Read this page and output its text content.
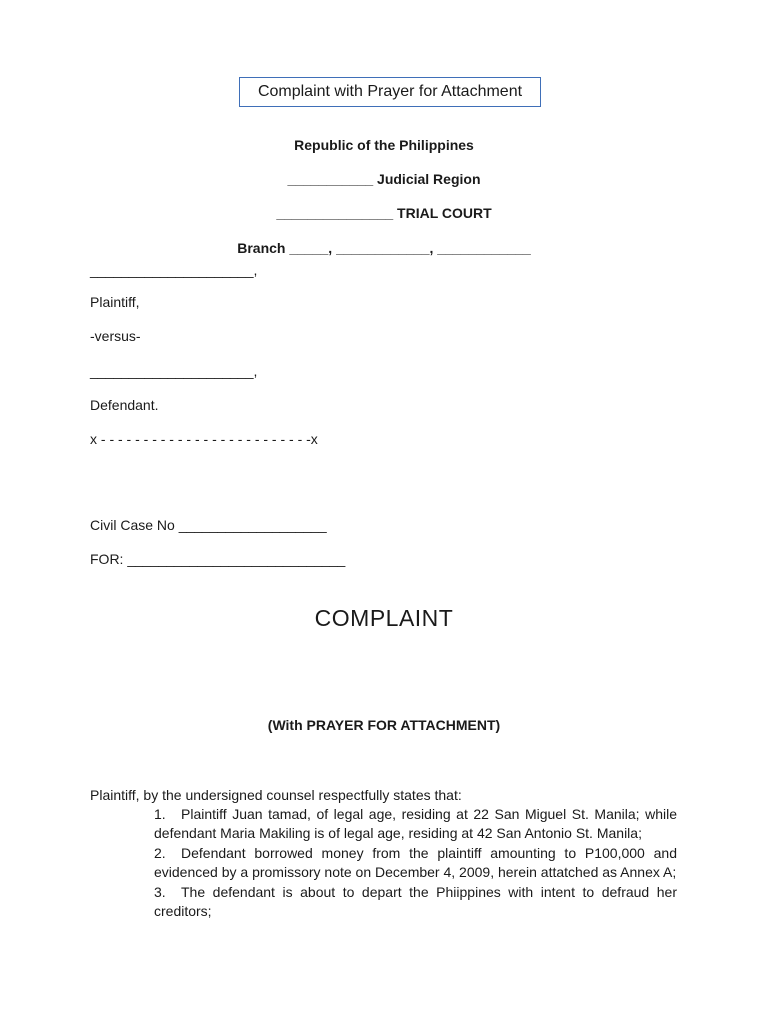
Complaint with Prayer for Attachment
Republic of the Philippines
___________ Judicial Region
_______________ TRIAL COURT
Branch _____, ____________, ____________
_____________________,
Plaintiff,
-versus-
_____________________,
Defendant.
x - - - - - - - - - - - - - - - - - - - - - - - - -x
Civil Case No ___________________
FOR: ____________________________
COMPLAINT
(With PRAYER FOR ATTACHMENT)
Plaintiff, by the undersigned counsel respectfully states that:
1. Plaintiff Juan tamad, of legal age, residing at 22 San Miguel St. Manila; while defendant Maria Makiling is of legal age, residing at 42 San Antonio St. Manila;
2. Defendant borrowed money from the plaintiff amounting to P100,000 and evidenced by a promissory note on December 4, 2009, herein attatched as Annex A;
3. The defendant is about to depart the Phiippines with intent to defraud her creditors;
